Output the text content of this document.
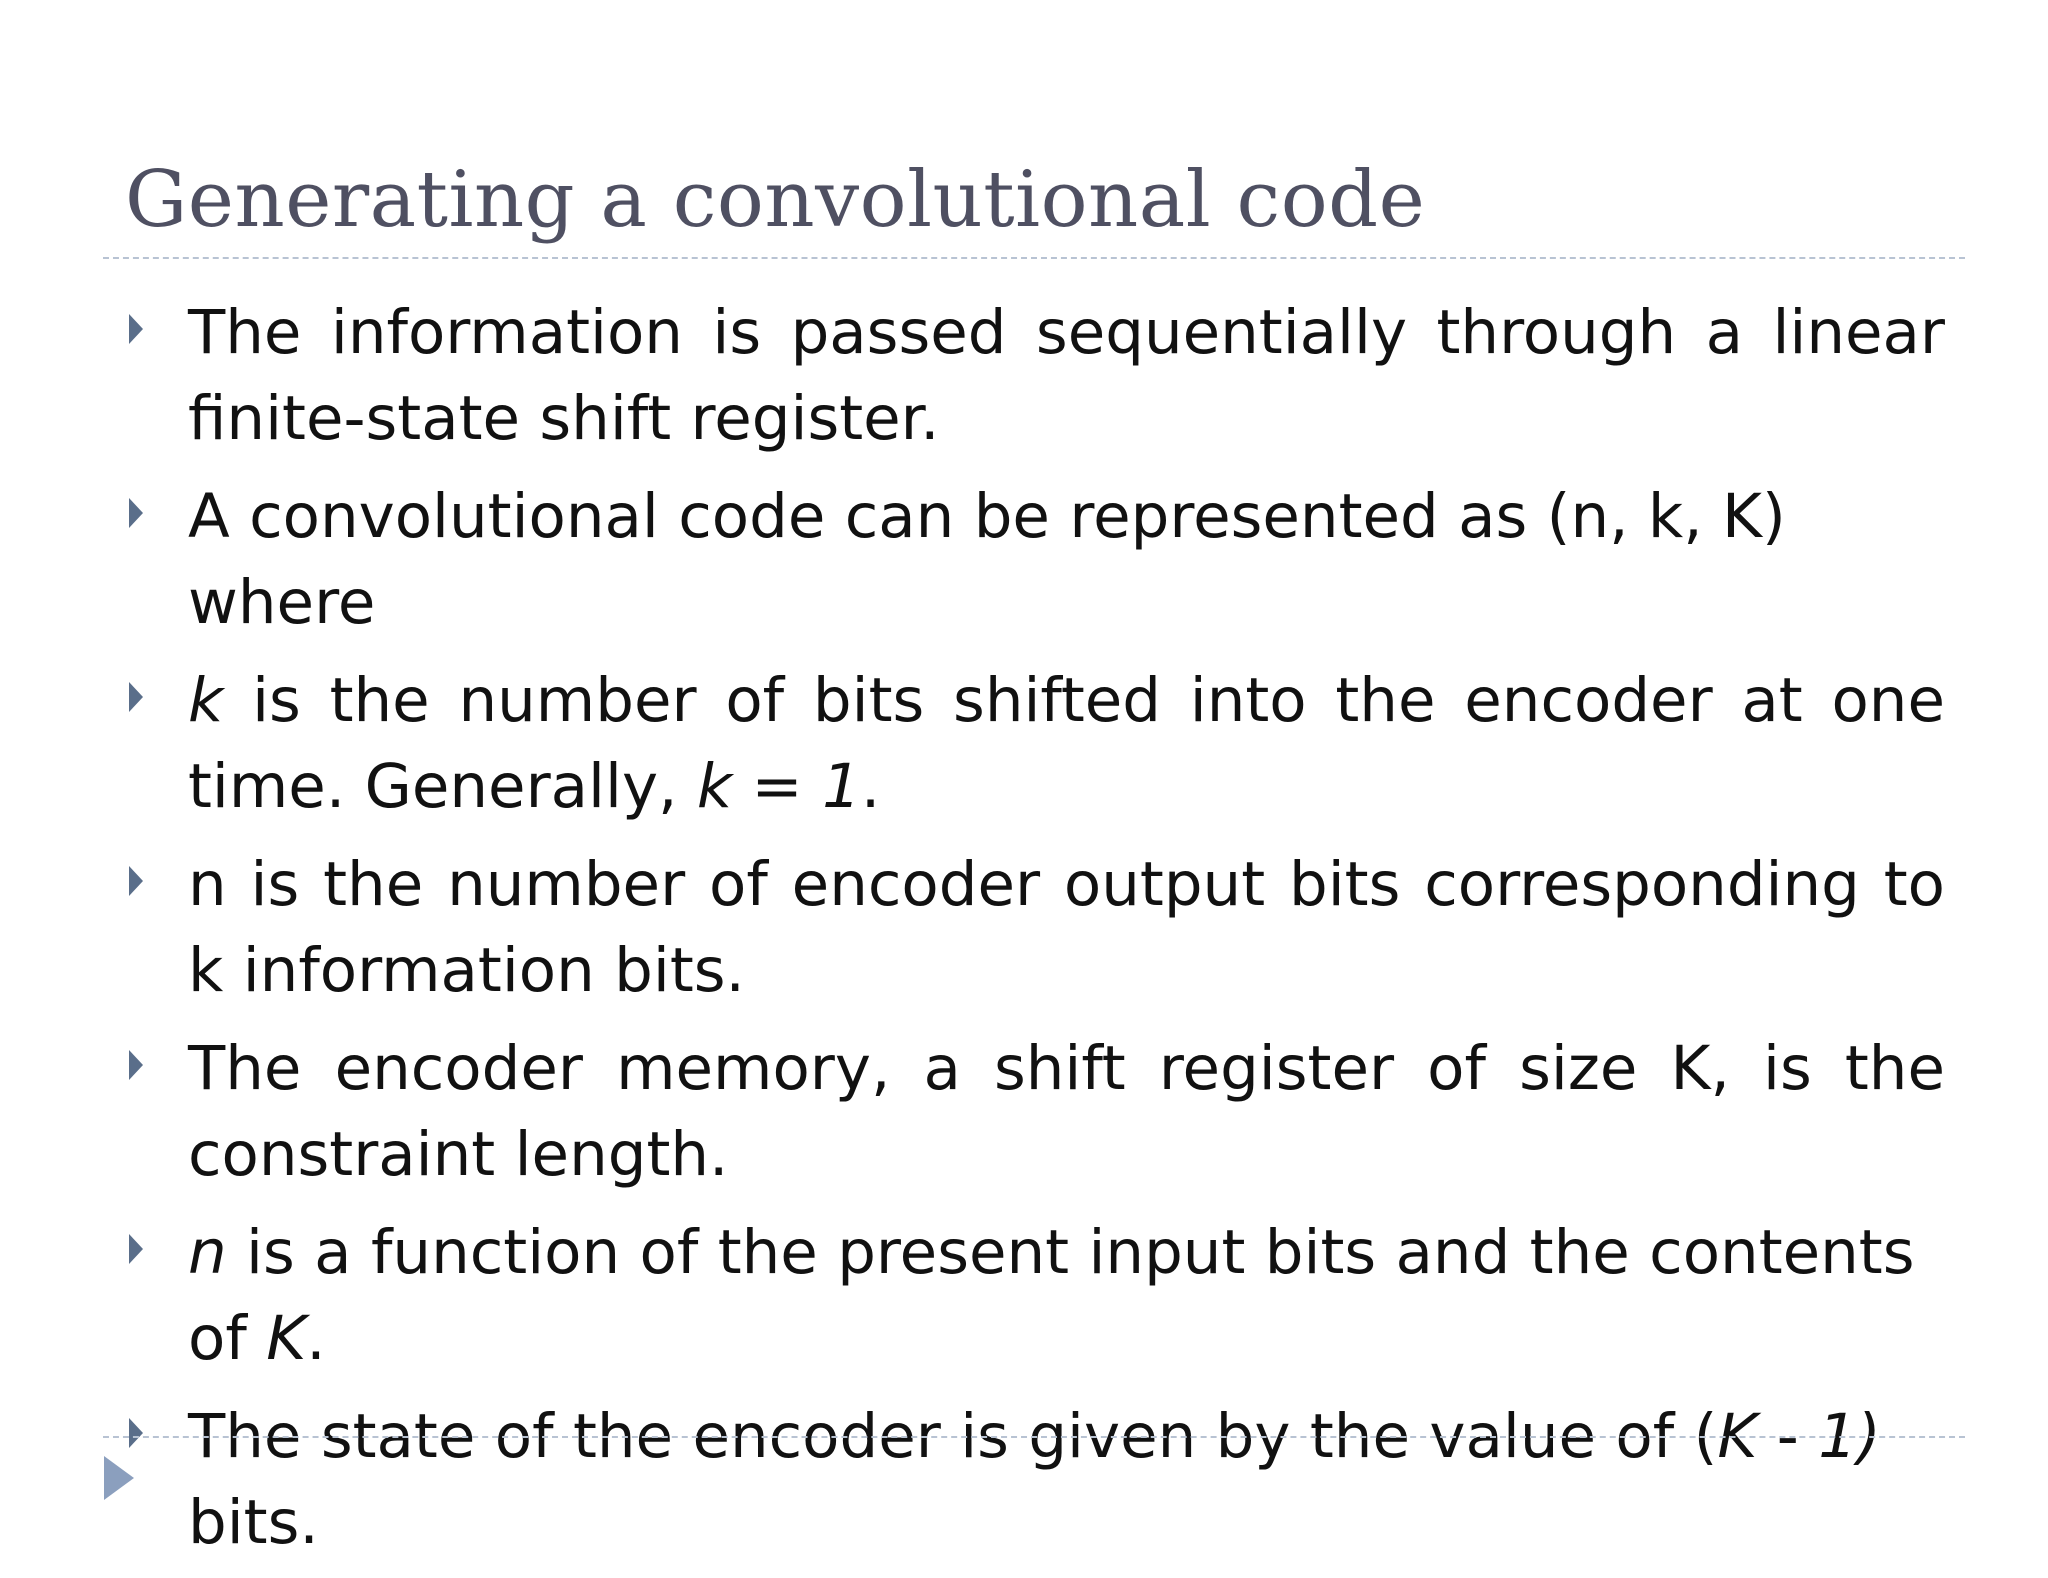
Generating a convolutional code
The information is passed sequentially through a linear finite-state shift register.
A convolutional code can be represented as (n, k, K) where
k is the number of bits shifted into the encoder at one time. Generally, k = 1.
n is the number of encoder output bits corresponding to k information bits.
The encoder memory, a shift register of size K, is the constraint length.
n is a function of the present input bits and the contents of K.
The state of the encoder is given by the value of (K - 1) bits.
